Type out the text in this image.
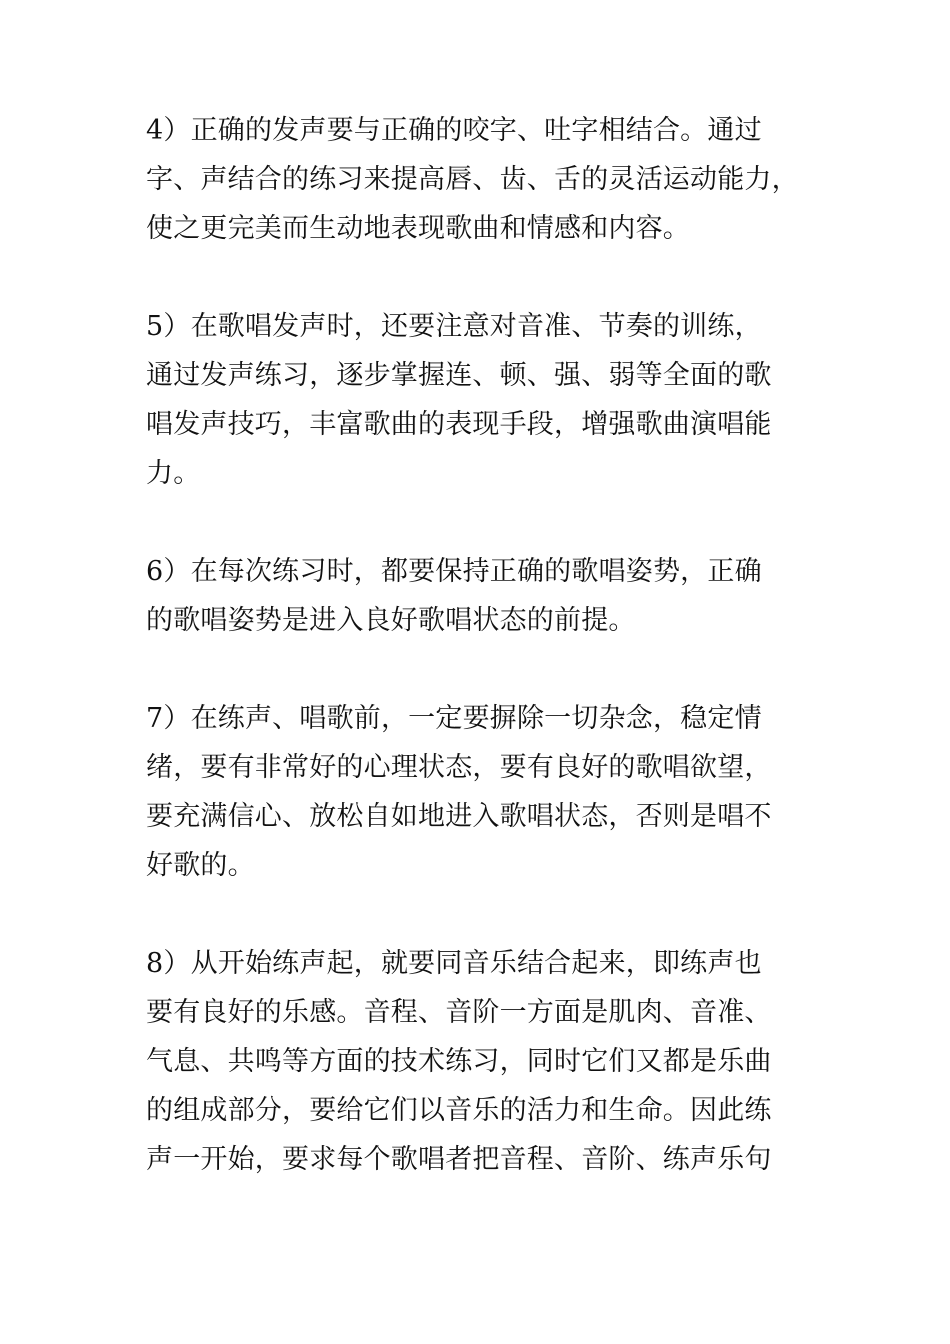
4）正确的发声要与正确的咬字、吐字相结合。通过
字、声结合的练习来提高唇、齿、舌的灵活运动能力，
使之更完美而生动地表现歌曲和情感和内容。

5）在歌唱发声时，还要注意对音准、节奏的训练，
通过发声练习，逐步掌握连、顿、强、弱等全面的歌
唱发声技巧，丰富歌曲的表现手段，增强歌曲演唱能
力。

6）在每次练习时，都要保持正确的歌唱姿势，正确
的歌唱姿势是进入良好歌唱状态的前提。

7）在练声、唱歌前，一定要摒除一切杂念，稳定情
绪，要有非常好的心理状态，要有良好的歌唱欲望，
要充满信心、放松自如地进入歌唱状态，否则是唱不
好歌的。

8）从开始练声起，就要同音乐结合起来，即练声也
要有良好的乐感。音程、音阶一方面是肌肉、音准、
气息、共鸣等方面的技术练习，同时它们又都是乐曲
的组成部分，要给它们以音乐的活力和生命。因此练
声一开始，要求每个歌唱者把音程、音阶、练声乐句
